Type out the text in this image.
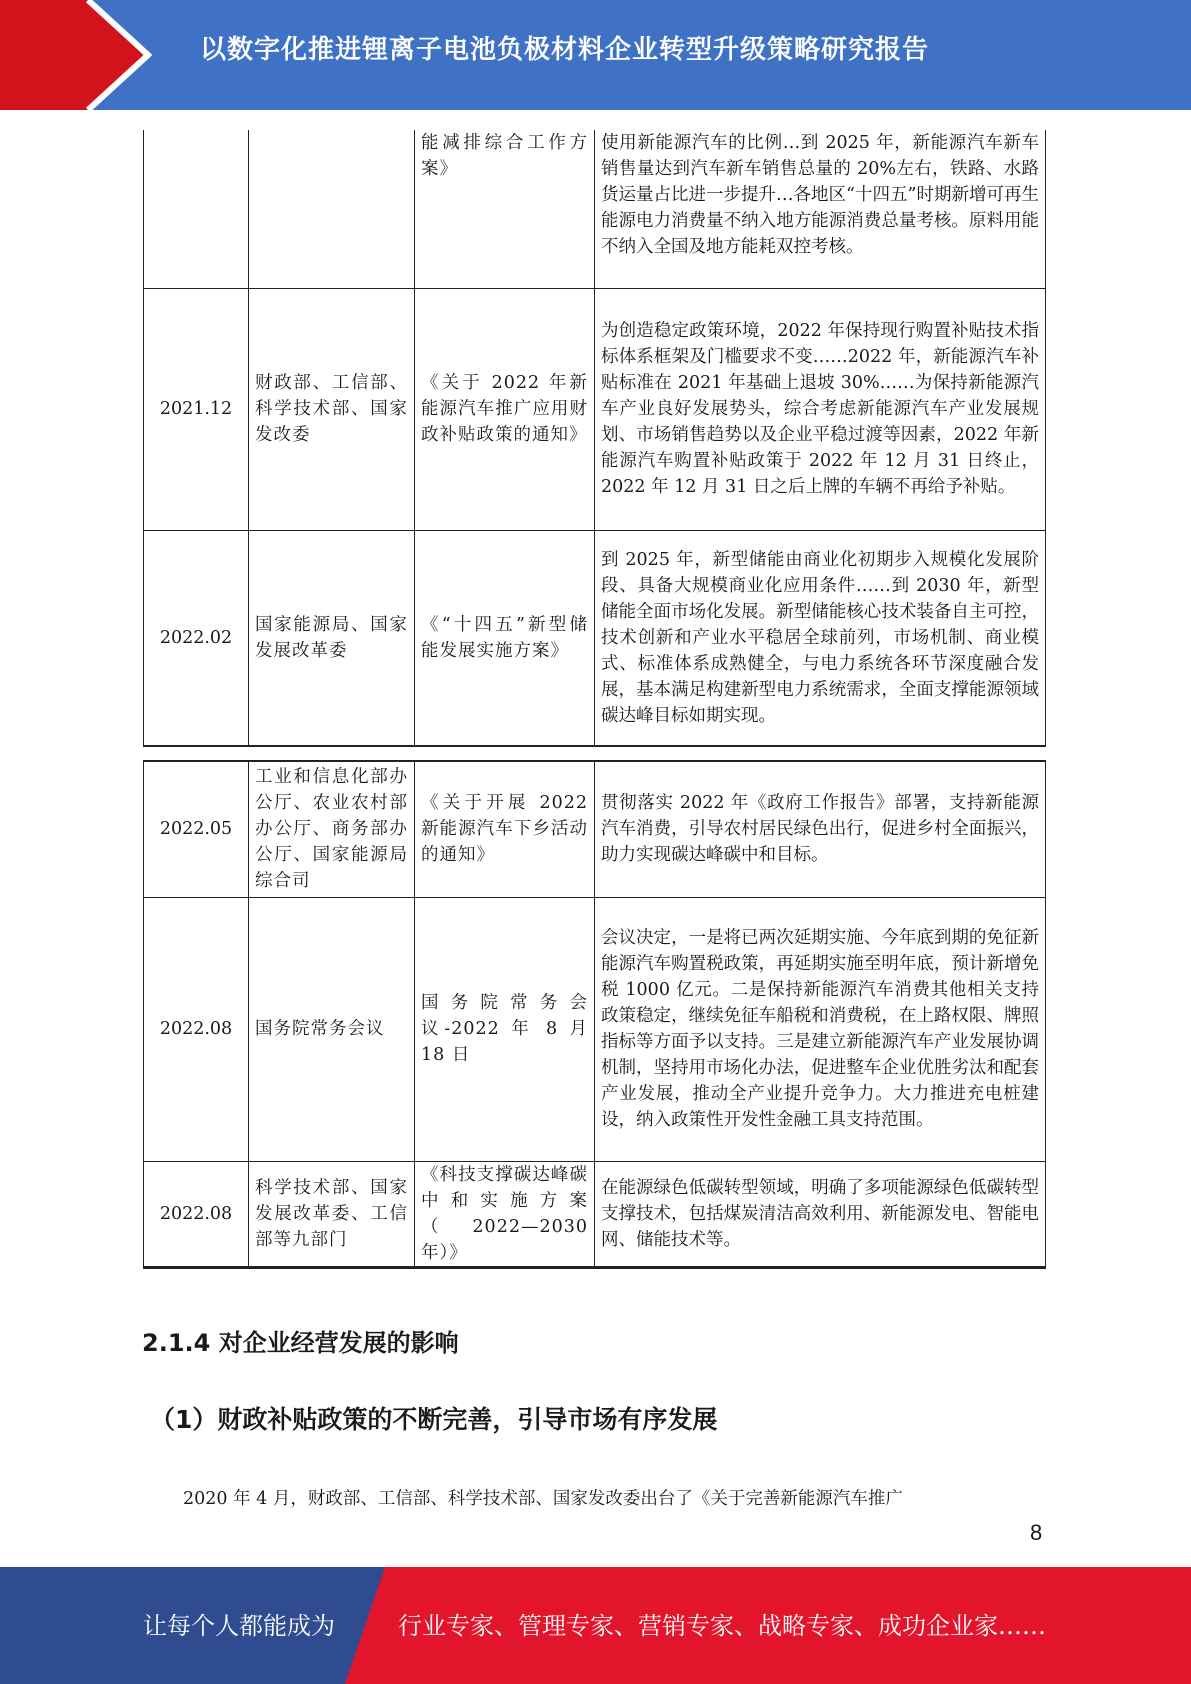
以数字化推进锂离子电池负极材料企业转型升级策略研究报告
		能减排综合工作方案》	使用新能源汽车的比例…到 2025 年，新能源汽车新车销售量达到汽车新车销售总量的 20%左右，铁路、水路货运量占比进一步提升…各地区“十四五”时期新增可再生能源电力消费量不纳入地方能源消费总量考核。原料用能不纳入全国及地方能耗双控考核。
2021.12	财政部、工信部、科学技术部、国家发改委	《关于 2022 年新能源汽车推广应用财政补贴政策的通知》	为创造稳定政策环境，2022 年保持现行购置补贴技术指标体系框架及门槛要求不变……2022 年，新能源汽车补贴标准在 2021 年基础上退坡 30%……为保持新能源汽车产业良好发展势头，综合考虑新能源汽车产业发展规划、市场销售趋势以及企业平稳过渡等因素，2022 年新能源汽车购置补贴政策于 2022 年 12 月 31 日终止，2022 年 12 月 31 日之后上牌的车辆不再给予补贴。
2022.02	国家能源局、国家发展改革委	《“十四五”新型储能发展实施方案》	到 2025 年，新型储能由商业化初期步入规模化发展阶段、具备大规模商业化应用条件……到 2030 年，新型储能全面市场化发展。新型储能核心技术装备自主可控，技术创新和产业水平稳居全球前列，市场机制、商业模式、标准体系成熟健全，与电力系统各环节深度融合发展，基本满足构建新型电力系统需求，全面支撑能源领域碳达峰目标如期实现。
2022.05	工业和信息化部办公厅、农业农村部办公厅、商务部办公厅、国家能源局综合司	《关于开展 2022 新能源汽车下乡活动的通知》	贯彻落实 2022 年《政府工作报告》部署，支持新能源汽车消费，引导农村居民绿色出行，促进乡村全面振兴，助力实现碳达峰碳中和目标。
2022.08	国务院常务会议	国务院常务会议-2022 年 8 月 18 日	会议决定，一是将已两次延期实施、今年底到期的免征新能源汽车购置税政策，再延期实施至明年底，预计新增免税 1000 亿元。二是保持新能源汽车消费其他相关支持政策稳定，继续免征车船税和消费税，在上路权限、牌照指标等方面予以支持。三是建立新能源汽车产业发展协调机制，坚持用市场化办法，促进整车企业优胜劣汰和配套产业发展，推动全产业提升竞争力。大力推进充电桩建设，纳入政策性开发性金融工具支持范围。
2022.08	科学技术部、国家发展改革委、工信部等九部门	《科技支撑碳达峰碳中和实施方案（2022—2030 年）》	在能源绿色低碳转型领域，明确了多项能源绿色低碳转型支撑技术，包括煤炭清洁高效利用、新能源发电、智能电网、储能技术等。
2.1.4 对企业经营发展的影响
（1）财政补贴政策的不断完善，引导市场有序发展
2020 年 4 月，财政部、工信部、科学技术部、国家发改委出台了《关于完善新能源汽车推广
8
让每个人都能成为	行业专家、管理专家、营销专家、战略专家、成功企业家……
